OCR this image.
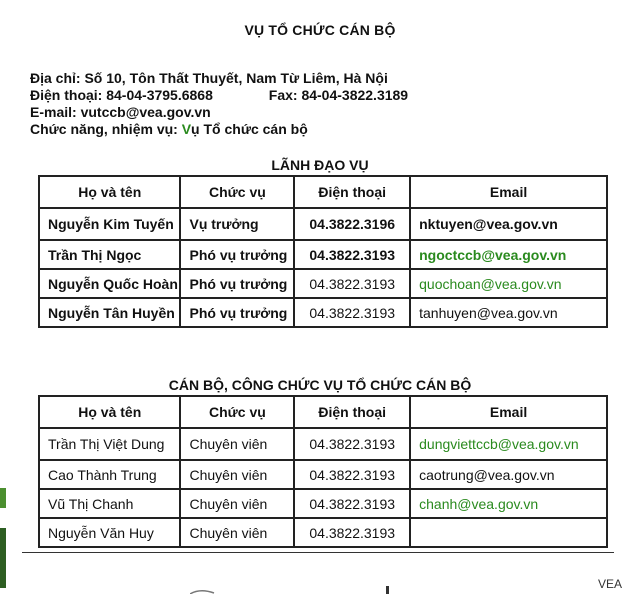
VỤ TỔ CHỨC CÁN BỘ
Địa chỉ: Số 10, Tôn Thất Thuyết, Nam Từ Liêm, Hà Nội
Điện thoại: 84-04-3795.6868	Fax: 84-04-3822.3189
E-mail: vutccb@vea.gov.vn
Chức năng, nhiệm vụ: Vụ Tổ chức cán bộ
LÃNH ĐẠO VỤ
Họ và tên	Chức vụ	Điện thoại	Email
Nguyễn Kim Tuyến	Vụ trưởng	04.3822.3196	nktuyen@vea.gov.vn
Trần Thị Ngọc	Phó vụ trưởng	04.3822.3193	ngoctccb@vea.gov.vn
Nguyễn Quốc Hoàn	Phó vụ trưởng	04.3822.3193	quochoan@vea.gov.vn
Nguyễn Tân Huyền	Phó vụ trưởng	04.3822.3193	tanhuyen@vea.gov.vn
CÁN BỘ, CÔNG CHỨC VỤ TỔ CHỨC CÁN BỘ
Họ và tên	Chức vụ	Điện thoại	Email
Trần Thị Việt Dung	Chuyên viên	04.3822.3193	dungviettccb@vea.gov.vn
Cao Thành Trung	Chuyên viên	04.3822.3193	caotrung@vea.gov.vn
Vũ Thị Chanh	Chuyên viên	04.3822.3193	chanh@vea.gov.vn
Nguyễn Văn Huy	Chuyên viên	04.3822.3193	
VEA
